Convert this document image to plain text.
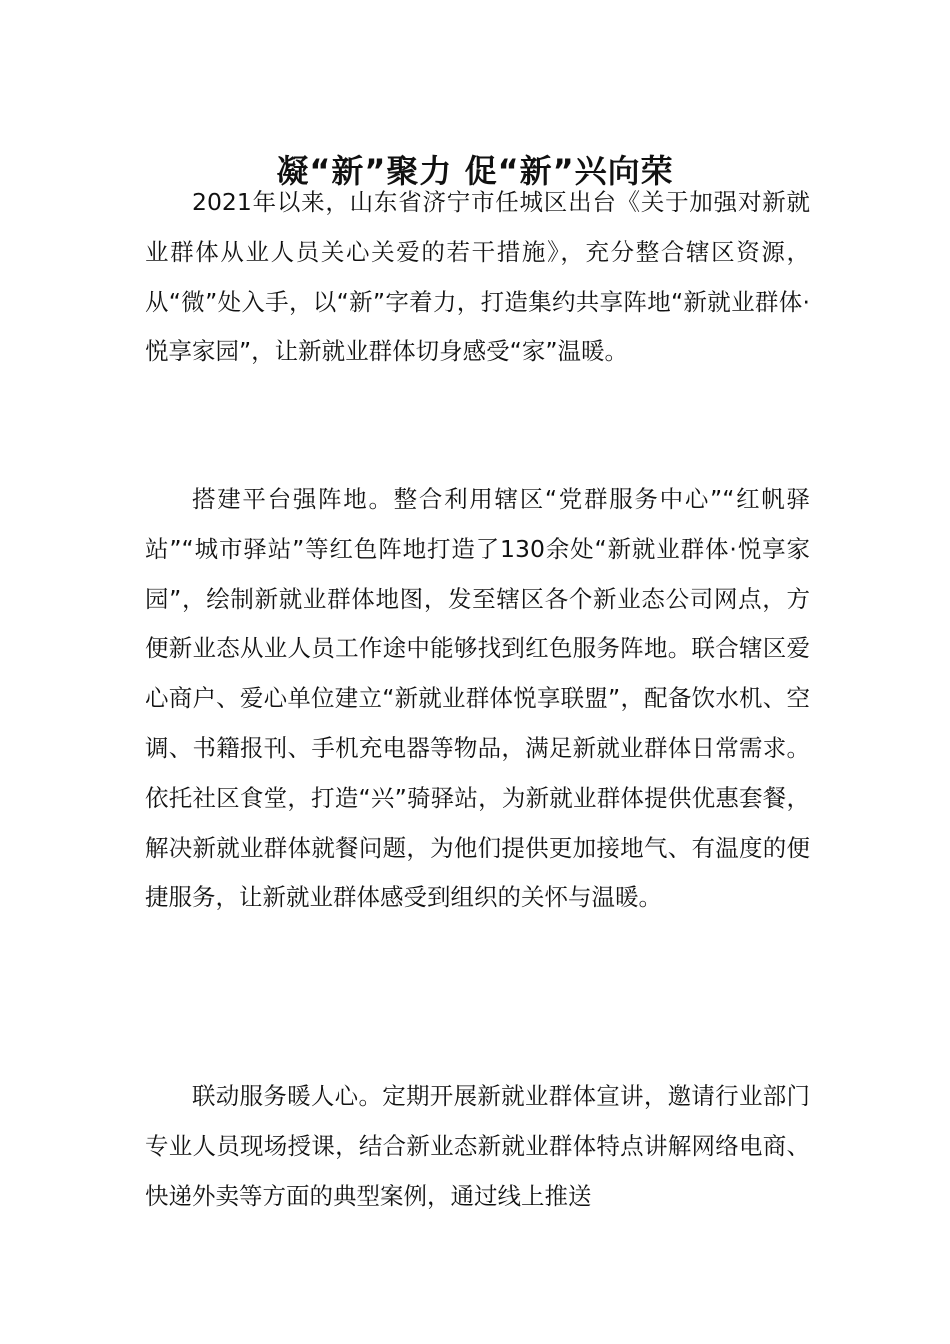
凝“新”聚力 促“新”兴向荣

2021年以来，山东省济宁市任城区出台《关于加强对新就业群体从业人员关心关爱的若干措施》，充分整合辖区资源，从“微”处入手，以“新”字着力，打造集约共享阵地“新就业群体·悦享家园”，让新就业群体切身感受“家”温暖。

搭建平台强阵地。整合利用辖区“党群服务中心”“红帆驿站”“城市驿站”等红色阵地打造了130余处“新就业群体·悦享家园”，绘制新就业群体地图，发至辖区各个新业态公司网点，方便新业态从业人员工作途中能够找到红色服务阵地。联合辖区爱心商户、爱心单位建立“新就业群体悦享联盟”，配备饮水机、空调、书籍报刊、手机充电器等物品，满足新就业群体日常需求。依托社区食堂，打造“兴”骑驿站，为新就业群体提供优惠套餐，解决新就业群体就餐问题，为他们提供更加接地气、有温度的便捷服务，让新就业群体感受到组织的关怀与温暖。

联动服务暖人心。定期开展新就业群体宣讲，邀请行业部门专业人员现场授课，结合新业态新就业群体特点讲解网络电商、快递外卖等方面的典型案例，通过线上推送
